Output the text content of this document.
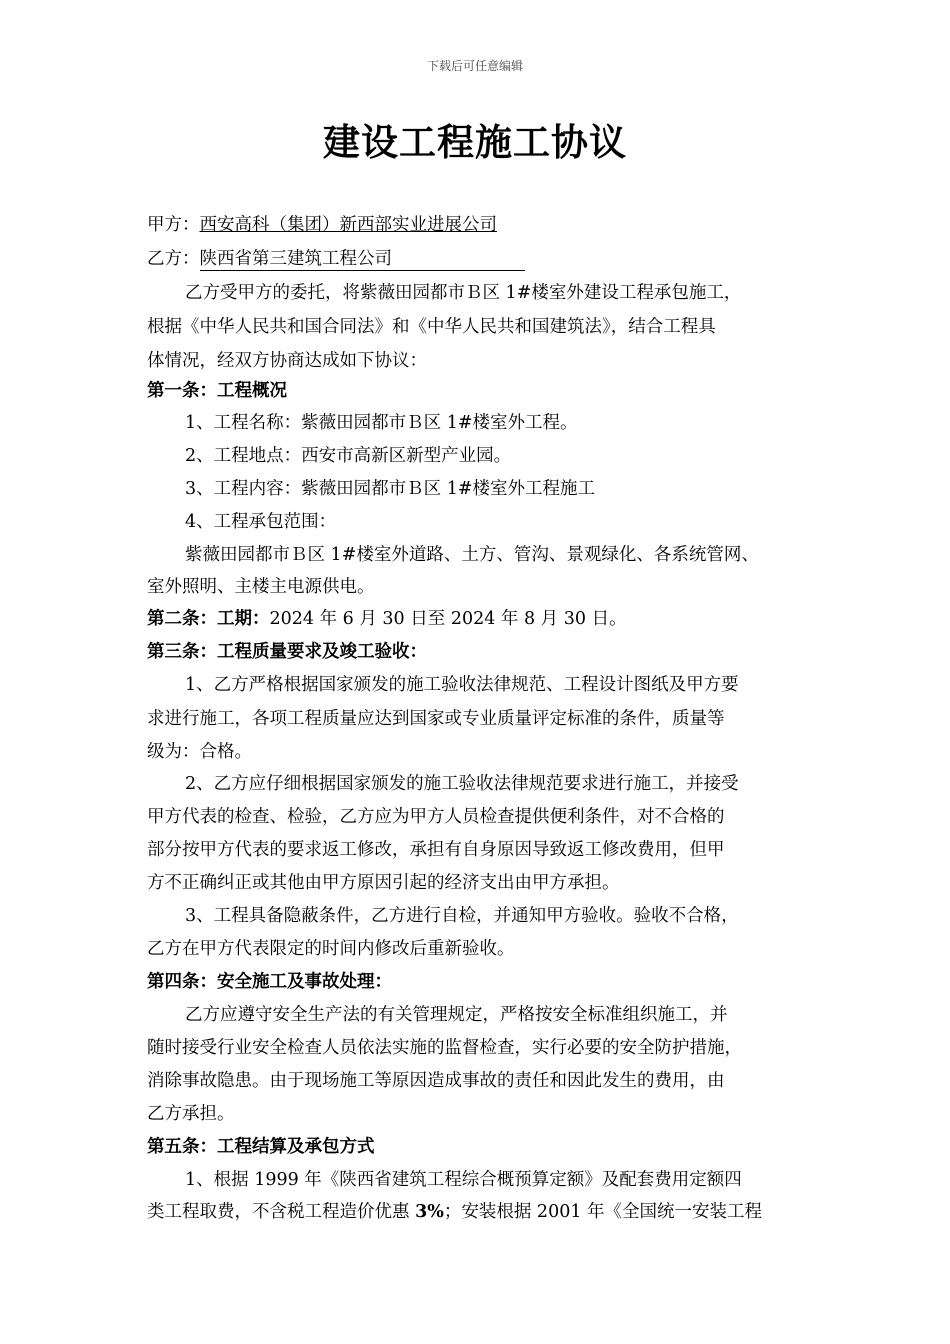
下载后可任意编辑
建设工程施工协议
甲方：西安高科（集团）新西部实业进展公司
乙方：陕西省第三建筑工程公司
乙方受甲方的委托，将紫薇田园都市Ｂ区 1#楼室外建设工程承包施工，
根据《中华人民共和国合同法》和《中华人民共和国建筑法》，结合工程具
体情况，经双方协商达成如下协议：
第一条：工程概况
1、工程名称：紫薇田园都市Ｂ区 1#楼室外工程。
2、工程地点：西安市高新区新型产业园。
3、工程内容：紫薇田园都市Ｂ区 1#楼室外工程施工
4、工程承包范围：
紫薇田园都市Ｂ区 1#楼室外道路、土方、管沟、景观绿化、各系统管网、
室外照明、主楼主电源供电。
第二条：工期：2024 年 6 月 30 日至 2024 年 8 月 30 日。
第三条：工程质量要求及竣工验收：
1、乙方严格根据国家颁发的施工验收法律规范、工程设计图纸及甲方要
求进行施工，各项工程质量应达到国家或专业质量评定标准的条件，质量等
级为：合格。
2、乙方应仔细根据国家颁发的施工验收法律规范要求进行施工，并接受
甲方代表的检查、检验，乙方应为甲方人员检查提供便利条件，对不合格的
部分按甲方代表的要求返工修改，承担有自身原因导致返工修改费用，但甲
方不正确纠正或其他由甲方原因引起的经济支出由甲方承担。
3、工程具备隐蔽条件，乙方进行自检，并通知甲方验收。验收不合格，
乙方在甲方代表限定的时间内修改后重新验收。
第四条：安全施工及事故处理：
乙方应遵守安全生产法的有关管理规定，严格按安全标准组织施工，并
随时接受行业安全检查人员依法实施的监督检查，实行必要的安全防护措施，
消除事故隐患。由于现场施工等原因造成事故的责任和因此发生的费用，由
乙方承担。
第五条：工程结算及承包方式
1、根据 1999 年《陕西省建筑工程综合概预算定额》及配套费用定额四
类工程取费，不含税工程造价优惠 3%；安装根据 2001 年《全国统一安装工程
